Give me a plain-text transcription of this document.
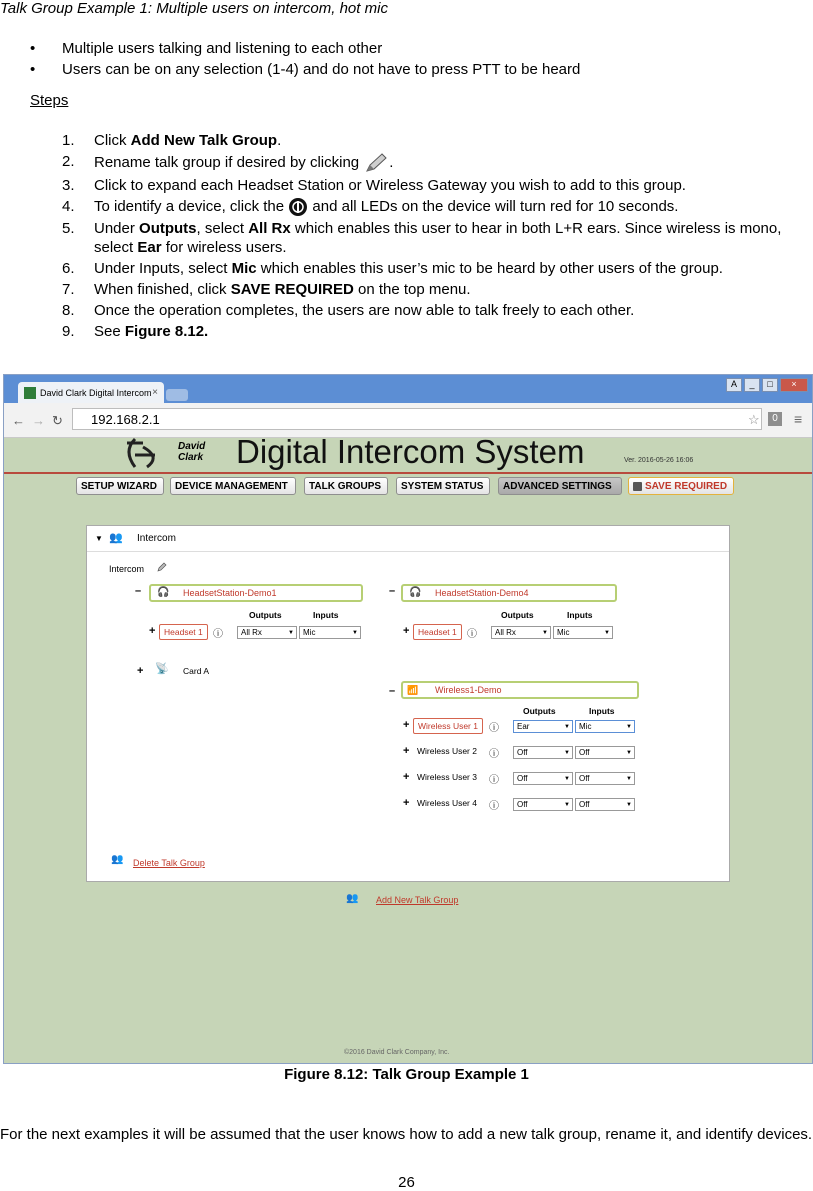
Talk Group Example 1: Multiple users on intercom, hot mic
• Multiple users talking and listening to each other
• Users can be on any selection (1-4) and do not have to press PTT to be heard
Steps
1. Click Add New Talk Group.
2. Rename talk group if desired by clicking .
3. Click to expand each Headset Station or Wireless Gateway you wish to add to this group.
4. To identify a device, click the  and all LEDs on the device will turn red for 10 seconds.
5. Under Outputs, select All Rx which enables this user to hear in both L+R ears. Since wireless is mono, select Ear for wireless users.
6. Under Inputs, select Mic which enables this user’s mic to be heard by other users of the group.
7. When finished, click SAVE REQUIRED on the top menu.
8. Once the operation completes, the users are now able to talk freely to each other.
9. See Figure 8.12.
David Clark Digital Intercom ×
A	_	□	×
← → ↻	192.168.2.1	☆	0	≡
David
Clark Digital Intercom System	Ver. 2016-05-26 16:06
SETUP WIZARD	DEVICE MANAGEMENT	TALK GROUPS	SYSTEM STATUS	ADVANCED SETTINGS	SAVE REQUIRED
▼ 👥 Intercom
Intercom
– 🎧 HeadsetStation-Demo1
Outputs	Inputs
+	Headset 1	ⓘ	All Rx ▼	Mic ▼
+ 📡 Card A
– 🎧 HeadsetStation-Demo4
Outputs	Inputs
+	Headset 1	ⓘ	All Rx ▼	Mic ▼
– 📶 Wireless1-Demo
Outputs	Inputs
+	Wireless User 1	ⓘ	Ear ▼	Mic ▼
+ Wireless User 2 ⓘ	Off ▼	Off ▼
+ Wireless User 3 ⓘ	Off ▼	Off ▼
+ Wireless User 4 ⓘ	Off ▼	Off ▼
👥 Delete Talk Group
👥 Add New Talk Group
©2016 David Clark Company, Inc.
Figure 8.12: Talk Group Example 1
For the next examples it will be assumed that the user knows how to add a new talk group, rename it, and identify devices.
26
